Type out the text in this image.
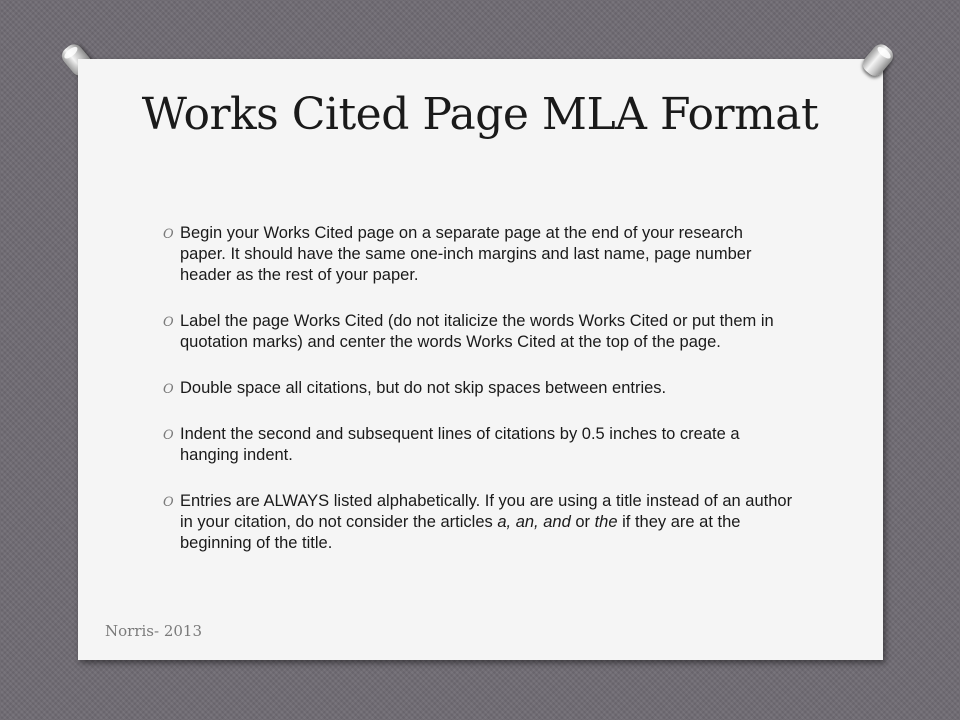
Works Cited Page MLA Format
O Begin your Works Cited page on a separate page at the end of your research paper. It should have the same one-inch margins and last name, page number header as the rest of your paper.
O Label the page Works Cited (do not italicize the words Works Cited or put them in quotation marks) and center the words Works Cited at the top of the page.
O Double space all citations, but do not skip spaces between entries.
O Indent the second and subsequent lines of citations by 0.5 inches to create a hanging indent.
O Entries are ALWAYS listed alphabetically. If you are using a title instead of an author in your citation, do not consider the articles a, an, and or the if they are at the beginning of the title.
Norris- 2013
